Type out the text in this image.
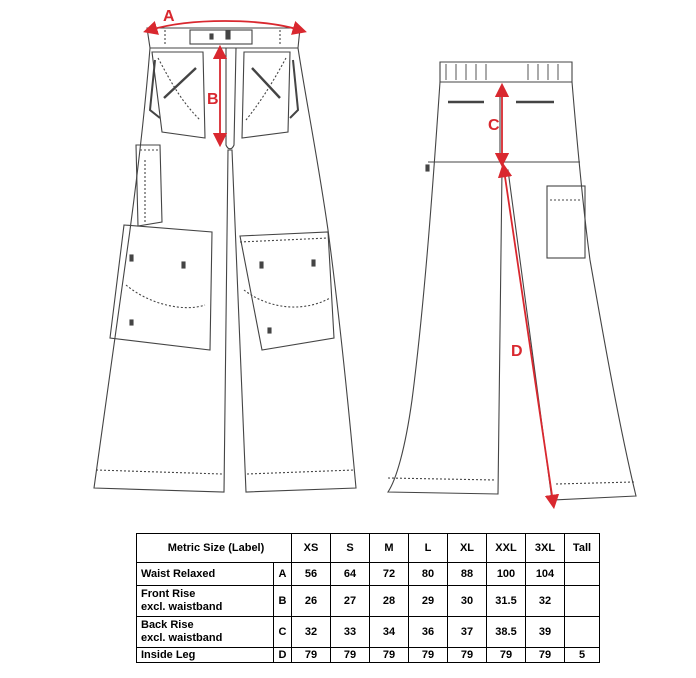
A
B
C
D
Metric Size (Label)		XS	S	M	L	XL	XXL	3XL	Tall
Waist Relaxed	A	56	64	72	80	88	100	104	
Front Rise
excl. waistband	B	26	27	28	29	30	31.5	32	
Back Rise
excl. waistband	C	32	33	34	36	37	38.5	39	
Inside Leg	D	79	79	79	79	79	79	79	5
